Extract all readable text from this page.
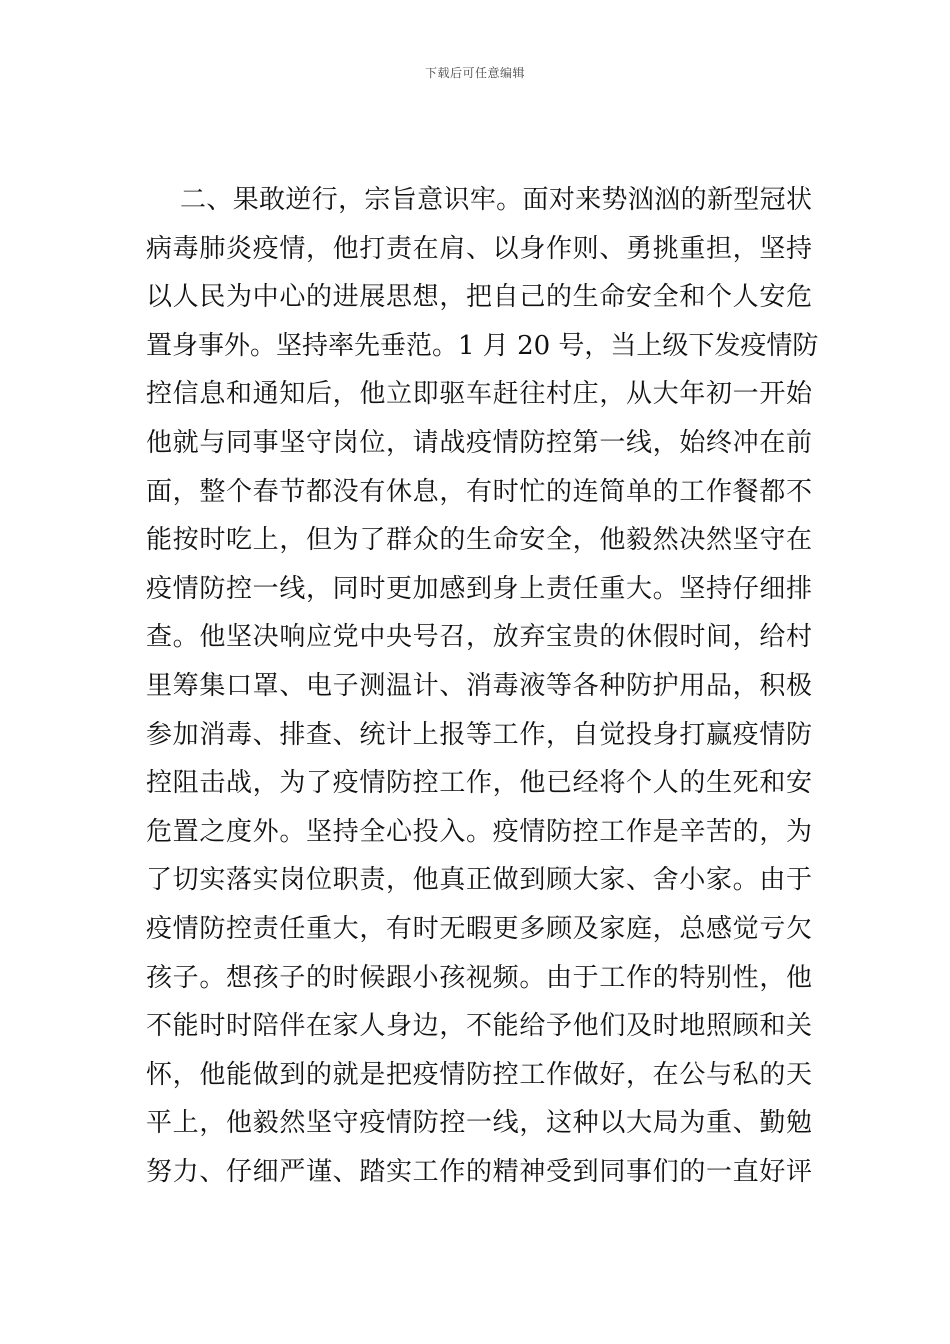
下载后可任意编辑
二、果敢逆行，宗旨意识牢。面对来势汹汹的新型冠状
病毒肺炎疫情，他打责在肩、以身作则、勇挑重担，坚持
以人民为中心的进展思想，把自己的生命安全和个人安危
置身事外。坚持率先垂范。1 月 20 号，当上级下发疫情防
控信息和通知后，他立即驱车赶往村庄，从大年初一开始
他就与同事坚守岗位，请战疫情防控第一线，始终冲在前
面，整个春节都没有休息，有时忙的连简单的工作餐都不
能按时吃上，但为了群众的生命安全，他毅然决然坚守在
疫情防控一线，同时更加感到身上责任重大。坚持仔细排
查。他坚决响应党中央号召，放弃宝贵的休假时间，给村
里筹集口罩、电子测温计、消毒液等各种防护用品，积极
参加消毒、排查、统计上报等工作，自觉投身打赢疫情防
控阻击战，为了疫情防控工作，他已经将个人的生死和安
危置之度外。坚持全心投入。疫情防控工作是辛苦的，为
了切实落实岗位职责，他真正做到顾大家、舍小家。由于
疫情防控责任重大，有时无暇更多顾及家庭，总感觉亏欠
孩子。想孩子的时候跟小孩视频。由于工作的特别性，他
不能时时陪伴在家人身边，不能给予他们及时地照顾和关
怀，他能做到的就是把疫情防控工作做好，在公与私的天
平上，他毅然坚守疫情防控一线，这种以大局为重、勤勉
努力、仔细严谨、踏实工作的精神受到同事们的一直好评
